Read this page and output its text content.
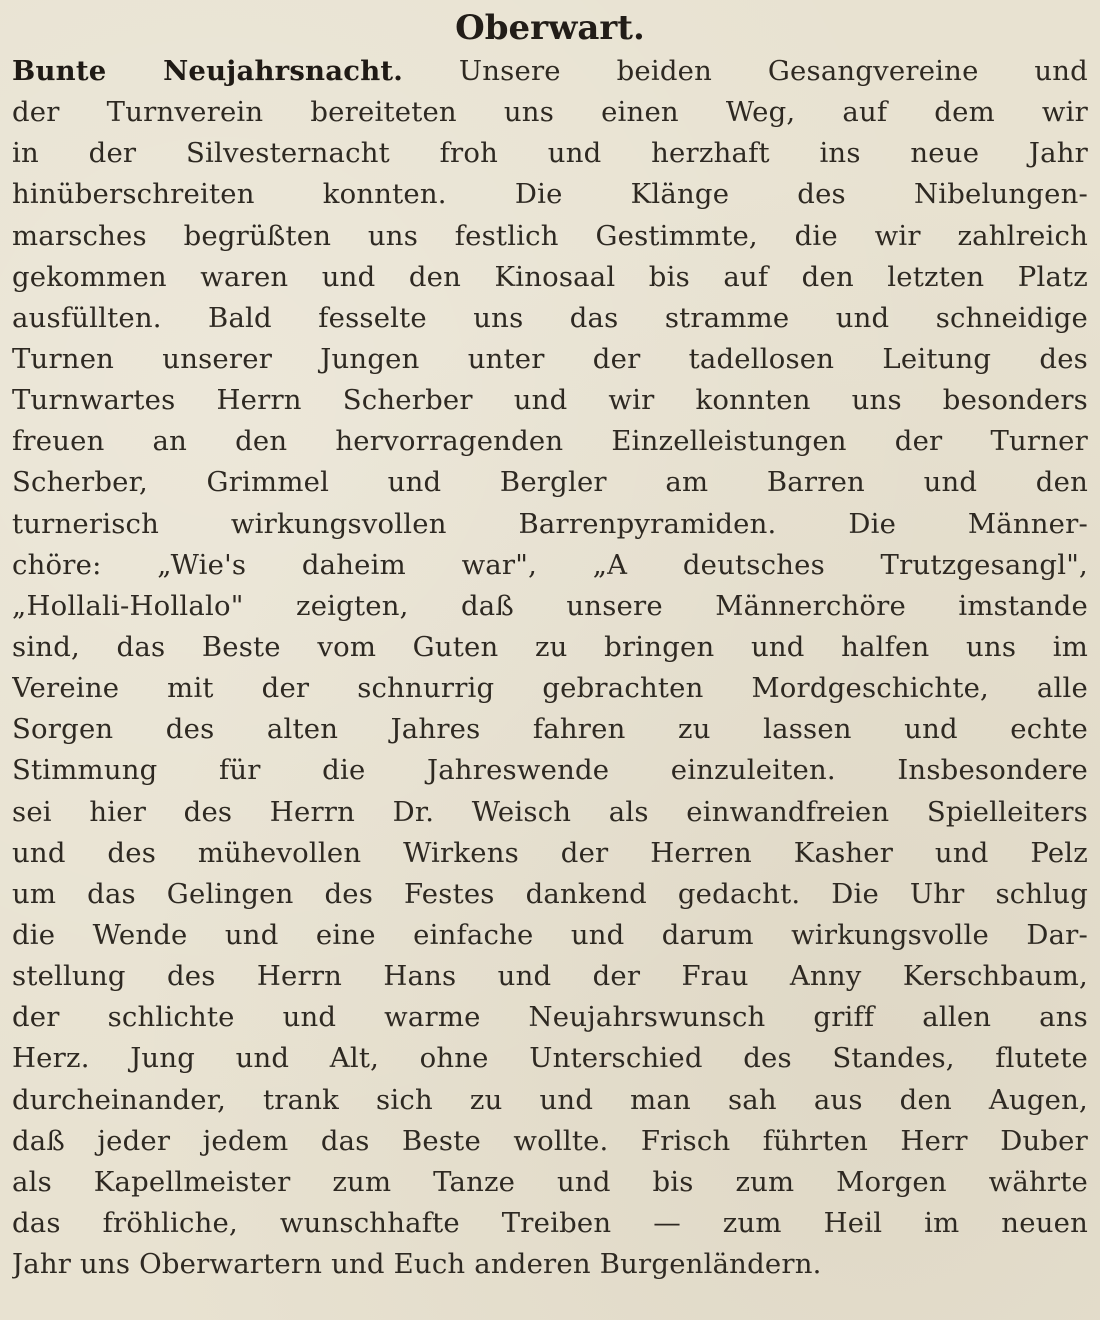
Oberwart.
Bunte Neujahrsnacht. Unsere beiden Gesangvereine und
der Turnverein bereiteten uns einen Weg, auf dem wir
in der Silvesternacht froh und herzhaft ins neue Jahr
hinüberschreiten konnten. Die Klänge des Nibelungen-
marsches begrüßten uns festlich Gestimmte, die wir zahlreich
gekommen waren und den Kinosaal bis auf den letzten Platz
ausfüllten. Bald fesselte uns das stramme und schneidige
Turnen unserer Jungen unter der tadellosen Leitung des
Turnwartes Herrn Scherber und wir konnten uns besonders
freuen an den hervorragenden Einzelleistungen der Turner
Scherber, Grimmel und Bergler am Barren und den
turnerisch wirkungsvollen Barrenpyramiden. Die Männer-
chöre: „Wie's daheim war", „A deutsches Trutzgesangl",
„Hollali-Hollalo" zeigten, daß unsere Männerchöre imstande
sind, das Beste vom Guten zu bringen und halfen uns im
Vereine mit der schnurrig gebrachten Mordgeschichte, alle
Sorgen des alten Jahres fahren zu lassen und echte
Stimmung für die Jahreswende einzuleiten. Insbesondere
sei hier des Herrn Dr. Weisch als einwandfreien Spielleiters
und des mühevollen Wirkens der Herren Kasher und Pelz
um das Gelingen des Festes dankend gedacht. Die Uhr schlug
die Wende und eine einfache und darum wirkungsvolle Dar-
stellung des Herrn Hans und der Frau Anny Kerschbaum,
der schlichte und warme Neujahrswunsch griff allen ans
Herz. Jung und Alt, ohne Unterschied des Standes, flutete
durcheinander, trank sich zu und man sah aus den Augen,
daß jeder jedem das Beste wollte. Frisch führten Herr Duber
als Kapellmeister zum Tanze und bis zum Morgen währte
das fröhliche, wunschhafte Treiben — zum Heil im neuen
Jahr uns Oberwartern und Euch anderen Burgenländern.
